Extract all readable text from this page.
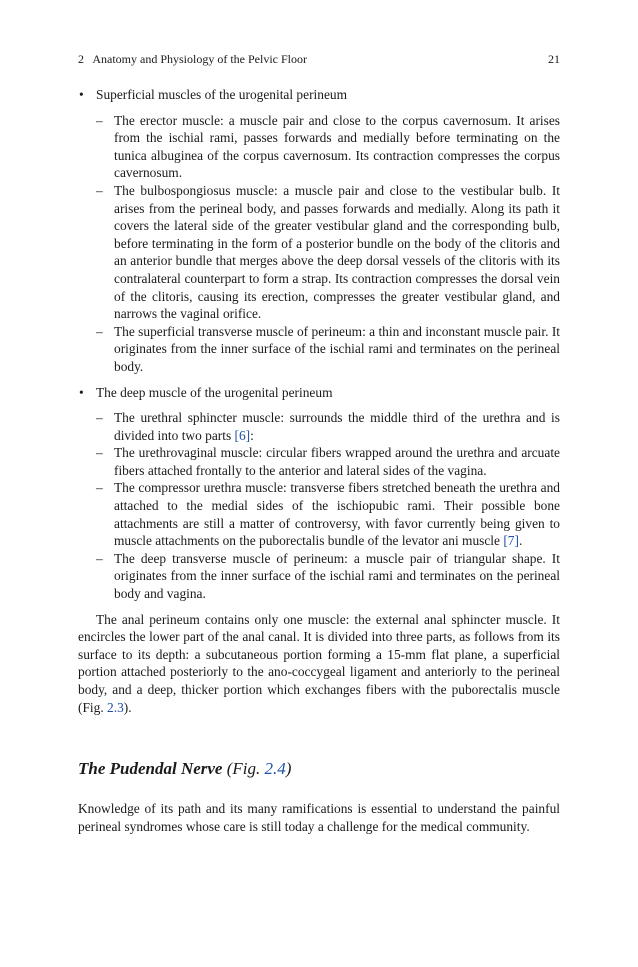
2   Anatomy and Physiology of the Pelvic Floor	21
• Superficial muscles of the urogenital perineum
– The erector muscle: a muscle pair and close to the corpus cavernosum. It arises from the ischial rami, passes forwards and medially before terminating on the tunica albuginea of the corpus cavernosum. Its contraction compresses the corpus cavernosum.
– The bulbospongiosus muscle: a muscle pair and close to the vestibular bulb. It arises from the perineal body, and passes forwards and medially. Along its path it covers the lateral side of the greater vestibular gland and the corresponding bulb, before terminating in the form of a posterior bundle on the body of the clitoris and an anterior bundle that merges above the deep dorsal vessels of the clitoris with its contralateral counterpart to form a strap. Its contraction compresses the dorsal vein of the clitoris, causing its erection, compresses the greater vestibular gland, and narrows the vaginal orifice.
– The superficial transverse muscle of perineum: a thin and inconstant muscle pair. It originates from the inner surface of the ischial rami and terminates on the perineal body.
• The deep muscle of the urogenital perineum
– The urethral sphincter muscle: surrounds the middle third of the urethra and is divided into two parts [6]:
– The urethrovaginal muscle: circular fibers wrapped around the urethra and arcuate fibers attached frontally to the anterior and lateral sides of the vagina.
– The compressor urethra muscle: transverse fibers stretched beneath the urethra and attached to the medial sides of the ischiopubic rami. Their possible bone attachments are still a matter of controversy, with favor currently being given to muscle attachments on the puborectalis bundle of the levator ani muscle [7].
– The deep transverse muscle of perineum: a muscle pair of triangular shape. It originates from the inner surface of the ischial rami and terminates on the perineal body and vagina.

The anal perineum contains only one muscle: the external anal sphincter muscle. It encircles the lower part of the anal canal. It is divided into three parts, as follows from its surface to its depth: a subcutaneous portion forming a 15-mm flat plane, a superficial portion attached posteriorly to the ano-coccygeal ligament and anteriorly to the perineal body, and a deep, thicker portion which exchanges fibers with the puborectalis muscle (Fig. 2.3).

The Pudendal Nerve (Fig. 2.4)

Knowledge of its path and its many ramifications is essential to understand the painful perineal syndromes whose care is still today a challenge for the medical community.
